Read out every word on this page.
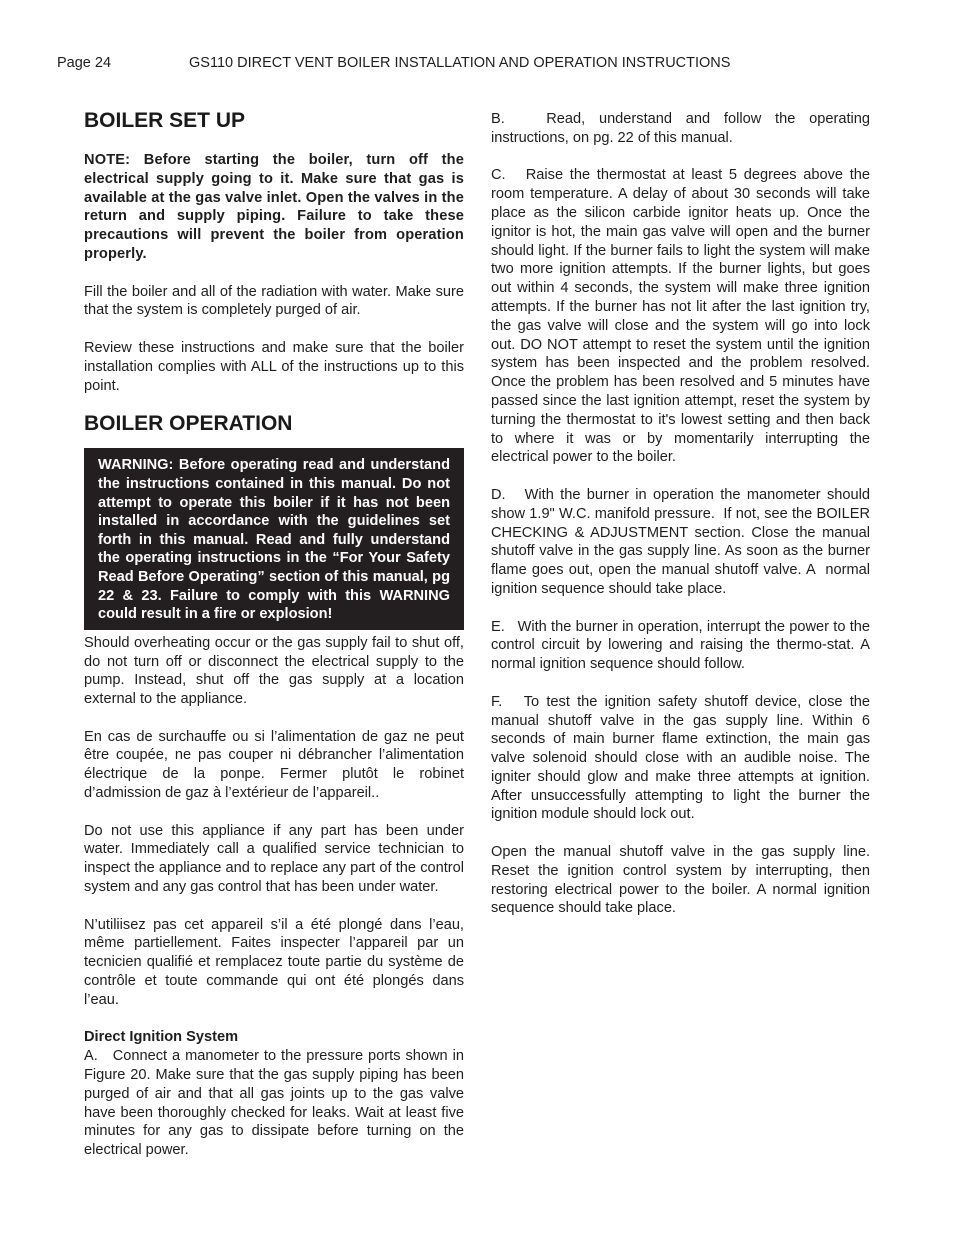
Page 24	GS110 DIRECT VENT BOILER INSTALLATION AND OPERATION INSTRUCTIONS
BOILER SET UP

NOTE: Before starting the boiler, turn off the electrical supply going to it. Make sure that gas is available at the gas valve inlet. Open the valves in the return and supply piping. Failure to take these precautions will prevent the boiler from operation properly.

Fill the boiler and all of the radiation with water. Make sure that the system is completely purged of air.

Review these instructions and make sure that the boiler installation complies with ALL of the instructions up to this point.

BOILER OPERATION

WARNING: Before operating read and understand the instructions contained in this manual. Do not attempt to operate this boiler if it has not been installed in accordance with the guidelines set forth in this manual. Read and fully understand the operating instructions in the “For Your Safety Read Before Operating” section of this manual, pg 22 & 23. Failure to comply with this WARNING could result in a fire or explosion!

Should overheating occur or the gas supply fail to shut off, do not turn off or disconnect the electrical supply to the pump. Instead, shut off the gas supply at a location external to the appliance.

En cas de surchauffe ou si l’alimentation de gaz ne peut être coupée, ne pas couper ni débrancher l’alimentation électrique de la ponpe. Fermer plutôt le robinet d’admission de gaz à l’extérieur de l’appareil..

Do not use this appliance if any part has been under water. Immediately call a qualified service technician to inspect the appliance and to replace any part of the control system and any gas control that has been under water.

N’utiliisez pas cet appareil s’il a été plongé dans l’eau, même partiellement. Faites inspecter l’appareil par un tecnicien qualifié et remplacez toute partie du système de contrôle et toute commande qui ont été plongés dans l’eau.

Direct Ignition System

A.   Connect a manometer to the pressure ports shown in Figure 20. Make sure that the gas supply piping has been purged of air and that all gas joints up to the gas valve have been thoroughly checked for leaks. Wait at least five minutes for any gas to dissipate before turning on the electrical power.

B.   Read, understand and follow the operating instructions, on pg. 22 of this manual.

C.   Raise the thermostat at least 5 degrees above the room temperature. A delay of about 30 seconds will take place as the silicon carbide ignitor heats up. Once the ignitor is hot, the main gas valve will open and the burner should light. If the burner fails to light the system will make two more ignition attempts. If the burner lights, but goes out within 4 seconds, the system will make three ignition attempts. If the burner has not lit after the last ignition try, the gas valve will close and the system will go into lock out. DO NOT attempt to reset the system until the ignition system has been inspected and the problem resolved. Once the problem has been resolved and 5 minutes have passed since the last ignition attempt, reset the system by turning the thermostat to it's lowest setting and then back to where it was or by momentarily interrupting the electrical power to the boiler.

D.   With the burner in operation the manometer should show 1.9" W.C. manifold pressure.  If not, see the BOILER CHECKING & ADJUSTMENT section. Close the manual shutoff valve in the gas supply line. As soon as the burner flame goes out, open the manual shutoff valve. A  normal ignition sequence should take place.

E.   With the burner in operation, interrupt the power to the control circuit by lowering and raising the thermo-stat. A normal ignition sequence should follow.

F.   To test the ignition safety shutoff device, close the manual shutoff valve in the gas supply line. Within 6 seconds of main burner flame extinction, the main gas valve solenoid should close with an audible noise. The igniter should glow and make three attempts at ignition. After unsuccessfully attempting to light the burner the ignition module should lock out.

Open the manual shutoff valve in the gas supply line. Reset the ignition control system by interrupting, then restoring electrical power to the boiler. A normal ignition sequence should take place.
